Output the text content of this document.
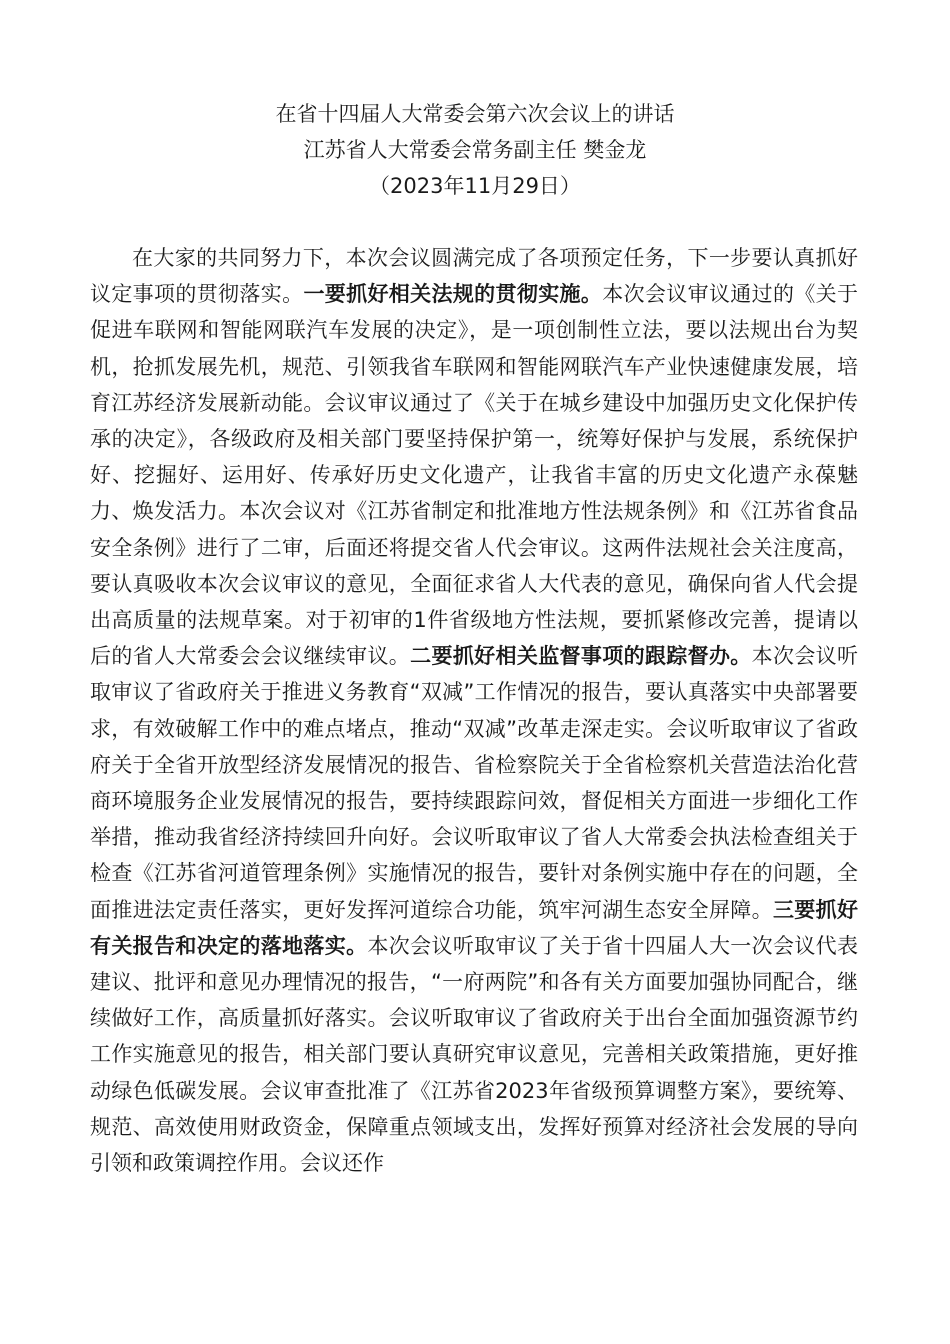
在省十四届人大常委会第六次会议上的讲话
江苏省人大常委会常务副主任 樊金龙
（2023年11月29日）

在大家的共同努力下，本次会议圆满完成了各项预定任务，下一步要认真抓好议定事项的贯彻落实。一要抓好相关法规的贯彻实施。本次会议审议通过的《关于促进车联网和智能网联汽车发展的决定》，是一项创制性立法，要以法规出台为契机，抢抓发展先机，规范、引领我省车联网和智能网联汽车产业快速健康发展，培育江苏经济发展新动能。会议审议通过了《关于在城乡建设中加强历史文化保护传承的决定》，各级政府及相关部门要坚持保护第一，统筹好保护与发展，系统保护好、挖掘好、运用好、传承好历史文化遗产，让我省丰富的历史文化遗产永葆魅力、焕发活力。本次会议对《江苏省制定和批准地方性法规条例》和《江苏省食品安全条例》进行了二审，后面还将提交省人代会审议。这两件法规社会关注度高，要认真吸收本次会议审议的意见，全面征求省人大代表的意见，确保向省人代会提出高质量的法规草案。对于初审的1件省级地方性法规，要抓紧修改完善，提请以后的省人大常委会会议继续审议。二要抓好相关监督事项的跟踪督办。本次会议听取审议了省政府关于推进义务教育“双减”工作情况的报告，要认真落实中央部署要求，有效破解工作中的难点堵点，推动“双减”改革走深走实。会议听取审议了省政府关于全省开放型经济发展情况的报告、省检察院关于全省检察机关营造法治化营商环境服务企业发展情况的报告，要持续跟踪问效，督促相关方面进一步细化工作举措，推动我省经济持续回升向好。会议听取审议了省人大常委会执法检查组关于检查《江苏省河道管理条例》实施情况的报告，要针对条例实施中存在的问题，全面推进法定责任落实，更好发挥河道综合功能，筑牢河湖生态安全屏障。三要抓好有关报告和决定的落地落实。本次会议听取审议了关于省十四届人大一次会议代表建议、批评和意见办理情况的报告，“一府两院”和各有关方面要加强协同配合，继续做好工作，高质量抓好落实。会议听取审议了省政府关于出台全面加强资源节约工作实施意见的报告，相关部门要认真研究审议意见，完善相关政策措施，更好推动绿色低碳发展。会议审查批准了《江苏省2023年省级预算调整方案》，要统筹、规范、高效使用财政资金，保障重点领域支出，发挥好预算对经济社会发展的导向引领和政策调控作用。会议还作
